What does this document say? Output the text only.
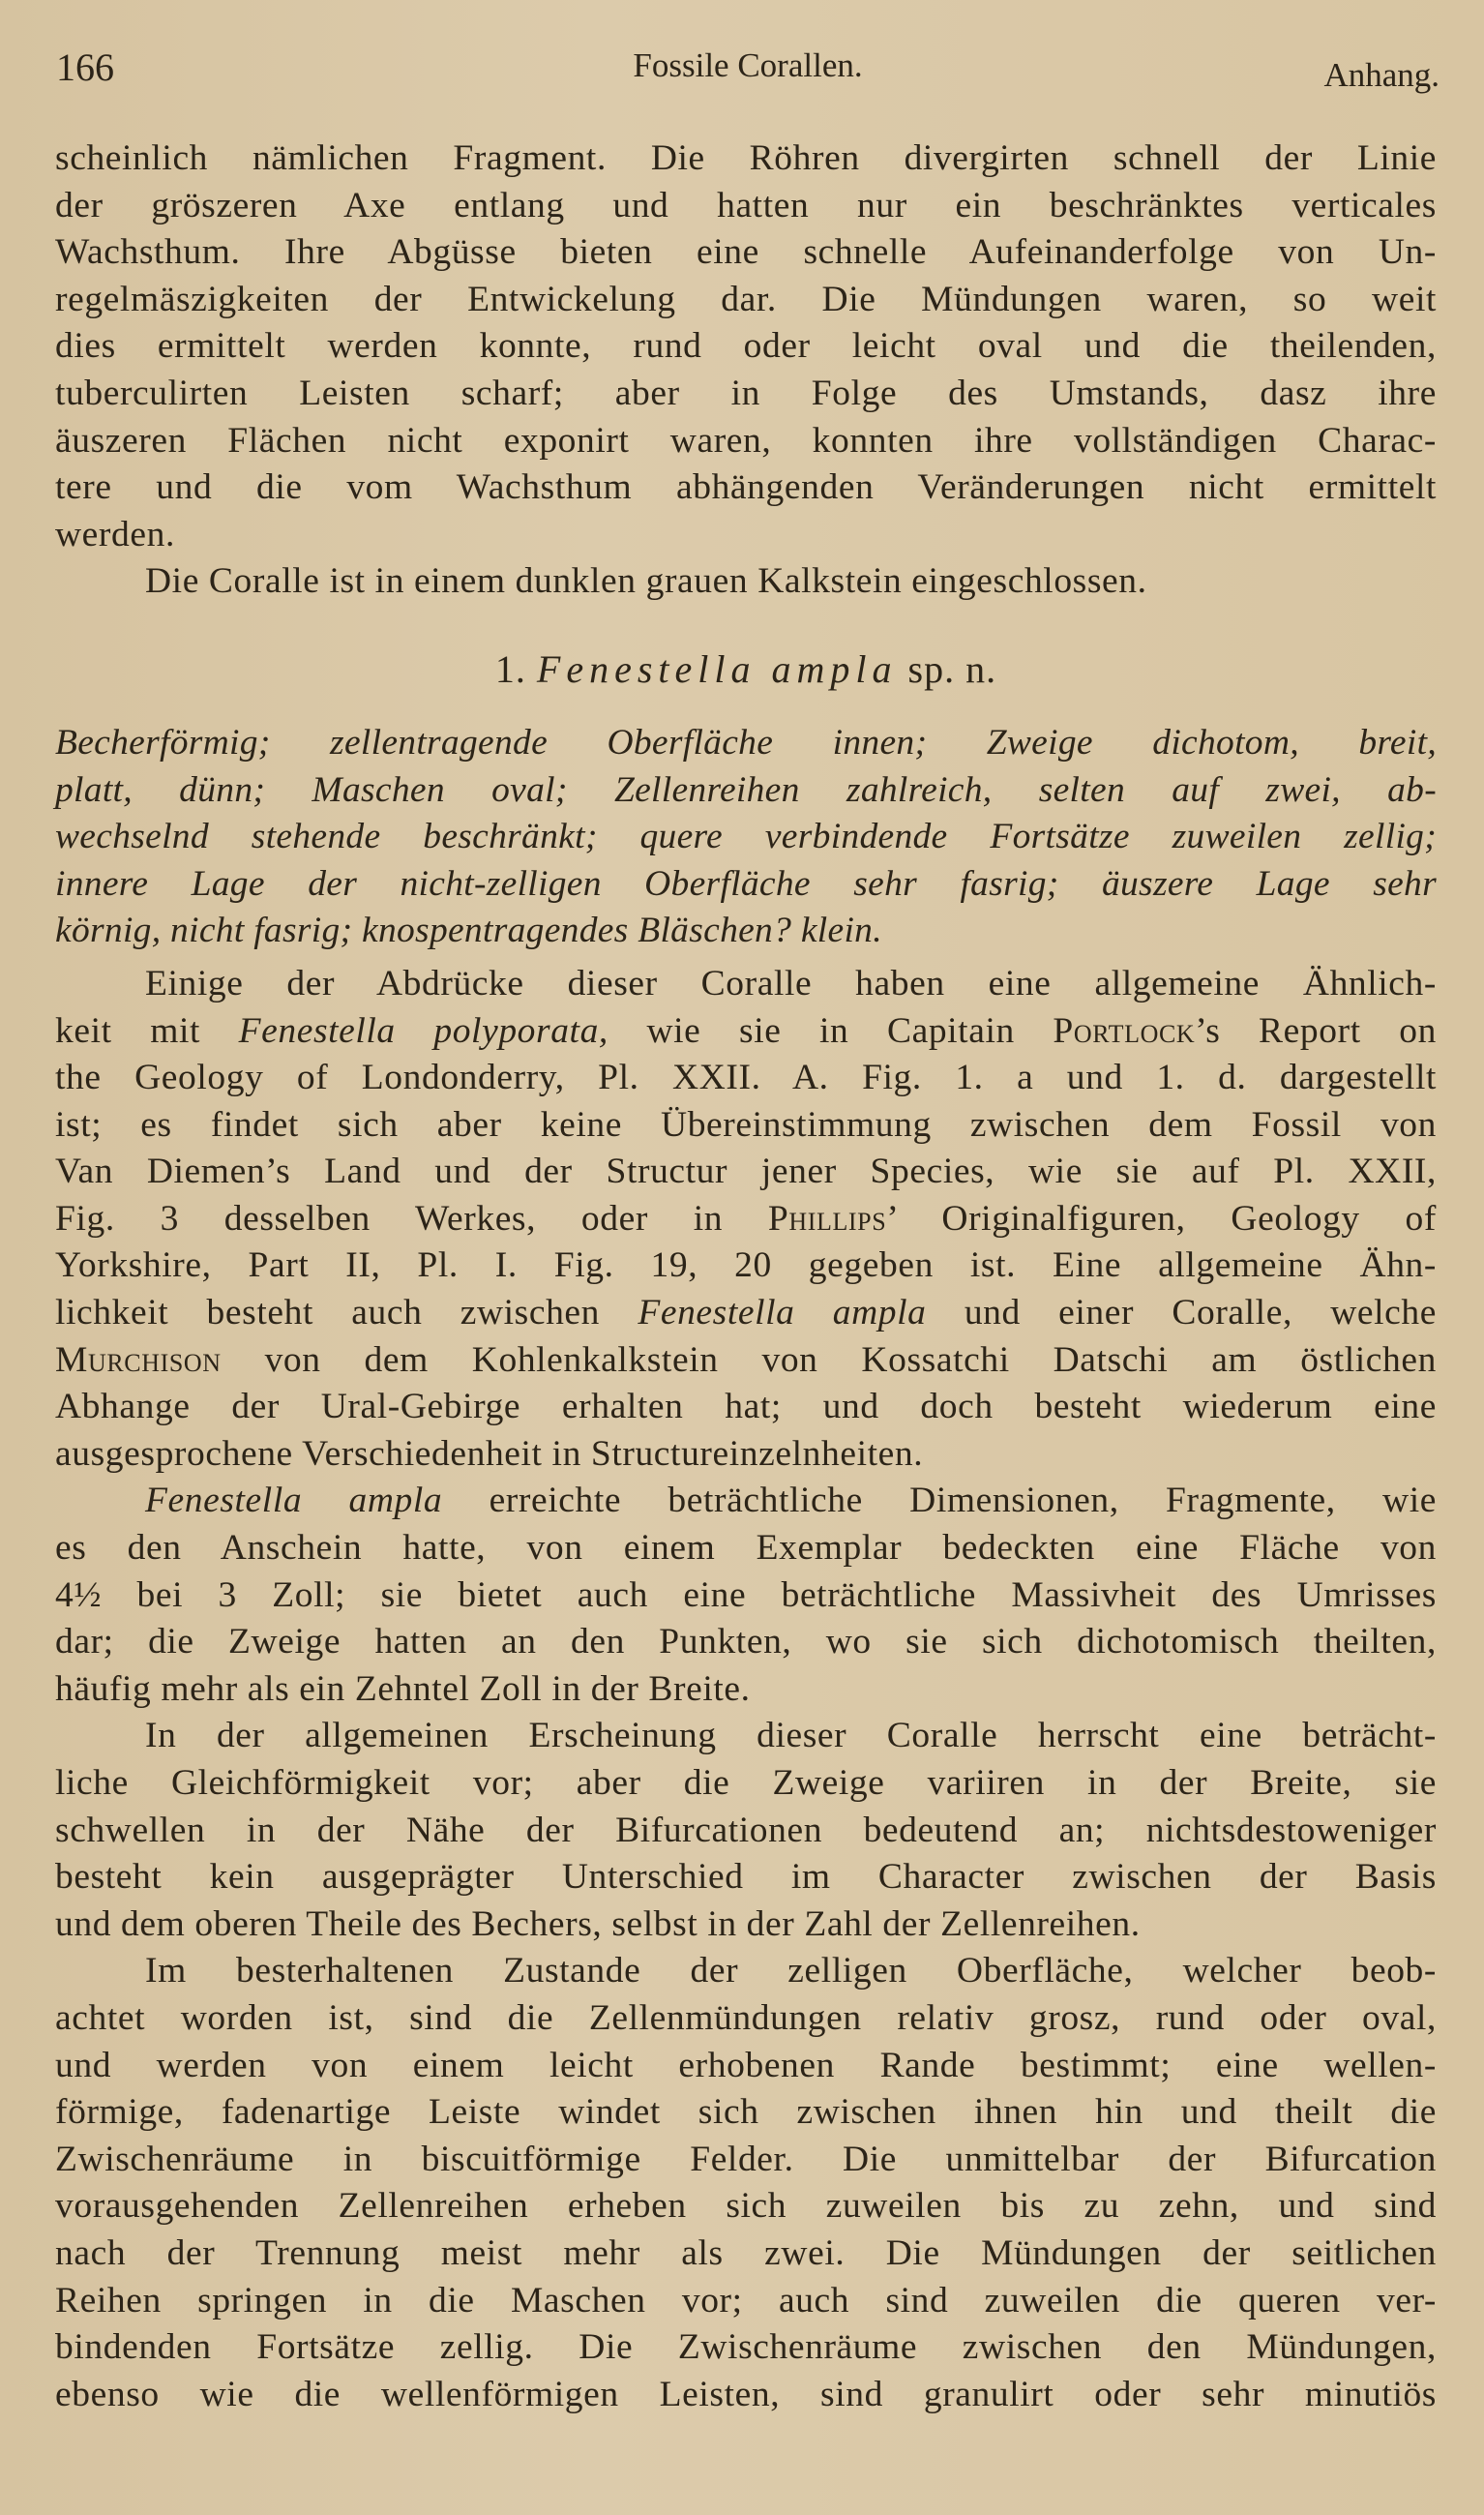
166	Fossile Corallen.	Anhang.
scheinlich nämlichen Fragment. Die Röhren divergirten schnell der Linie
der gröszeren Axe entlang und hatten nur ein beschränktes verticales
Wachsthum. Ihre Abgüsse bieten eine schnelle Aufeinanderfolge von Un-
regelmäszigkeiten der Entwickelung dar. Die Mündungen waren, so weit
dies ermittelt werden konnte, rund oder leicht oval und die theilenden,
tuberculirten Leisten scharf; aber in Folge des Umstands, dasz ihre
äuszeren Flächen nicht exponirt waren, konnten ihre vollständigen Charac-
tere und die vom Wachsthum abhängenden Veränderungen nicht ermittelt
werden.
Die Coralle ist in einem dunklen grauen Kalkstein eingeschlossen.
1. Fenestella ampla sp. n.
Becherförmig; zellentragende Oberfläche innen; Zweige dichotom, breit,
platt, dünn; Maschen oval; Zellenreihen zahlreich, selten auf zwei, ab-
wechselnd stehende beschränkt; quere verbindende Fortsätze zuweilen zellig;
innere Lage der nicht-zelligen Oberfläche sehr fasrig; äuszere Lage sehr
körnig, nicht fasrig; knospentragendes Bläschen? klein.
Einige der Abdrücke dieser Coralle haben eine allgemeine Ähnlich-
keit mit Fenestella polyporata, wie sie in Capitain Portlock’s Report on
the Geology of Londonderry, Pl. XXII. A. Fig. 1. a und 1. d. dargestellt
ist; es findet sich aber keine Übereinstimmung zwischen dem Fossil von
Van Diemen’s Land und der Structur jener Species, wie sie auf Pl. XXII,
Fig. 3 desselben Werkes, oder in Phillips’ Originalfiguren, Geology of
Yorkshire, Part II, Pl. I. Fig. 19, 20 gegeben ist. Eine allgemeine Ähn-
lichkeit besteht auch zwischen Fenestella ampla und einer Coralle, welche
Murchison von dem Kohlenkalkstein von Kossatchi Datschi am östlichen
Abhange der Ural-Gebirge erhalten hat; und doch besteht wiederum eine
ausgesprochene Verschiedenheit in Structureinzelnheiten.
Fenestella ampla erreichte beträchtliche Dimensionen, Fragmente, wie
es den Anschein hatte, von einem Exemplar bedeckten eine Fläche von
4½ bei 3 Zoll; sie bietet auch eine beträchtliche Massivheit des Umrisses
dar; die Zweige hatten an den Punkten, wo sie sich dichotomisch theilten,
häufig mehr als ein Zehntel Zoll in der Breite.
In der allgemeinen Erscheinung dieser Coralle herrscht eine beträcht-
liche Gleichförmigkeit vor; aber die Zweige variiren in der Breite, sie
schwellen in der Nähe der Bifurcationen bedeutend an; nichtsdestoweniger
besteht kein ausgeprägter Unterschied im Character zwischen der Basis
und dem oberen Theile des Bechers, selbst in der Zahl der Zellenreihen.
Im besterhaltenen Zustande der zelligen Oberfläche, welcher beob-
achtet worden ist, sind die Zellenmündungen relativ grosz, rund oder oval,
und werden von einem leicht erhobenen Rande bestimmt; eine wellen-
förmige, fadenartige Leiste windet sich zwischen ihnen hin und theilt die
Zwischenräume in biscuitförmige Felder. Die unmittelbar der Bifurcation
vorausgehenden Zellenreihen erheben sich zuweilen bis zu zehn, und sind
nach der Trennung meist mehr als zwei. Die Mündungen der seitlichen
Reihen springen in die Maschen vor; auch sind zuweilen die queren ver-
bindenden Fortsätze zellig. Die Zwischenräume zwischen den Mündungen,
ebenso wie die wellenförmigen Leisten, sind granulirt oder sehr minutiös
